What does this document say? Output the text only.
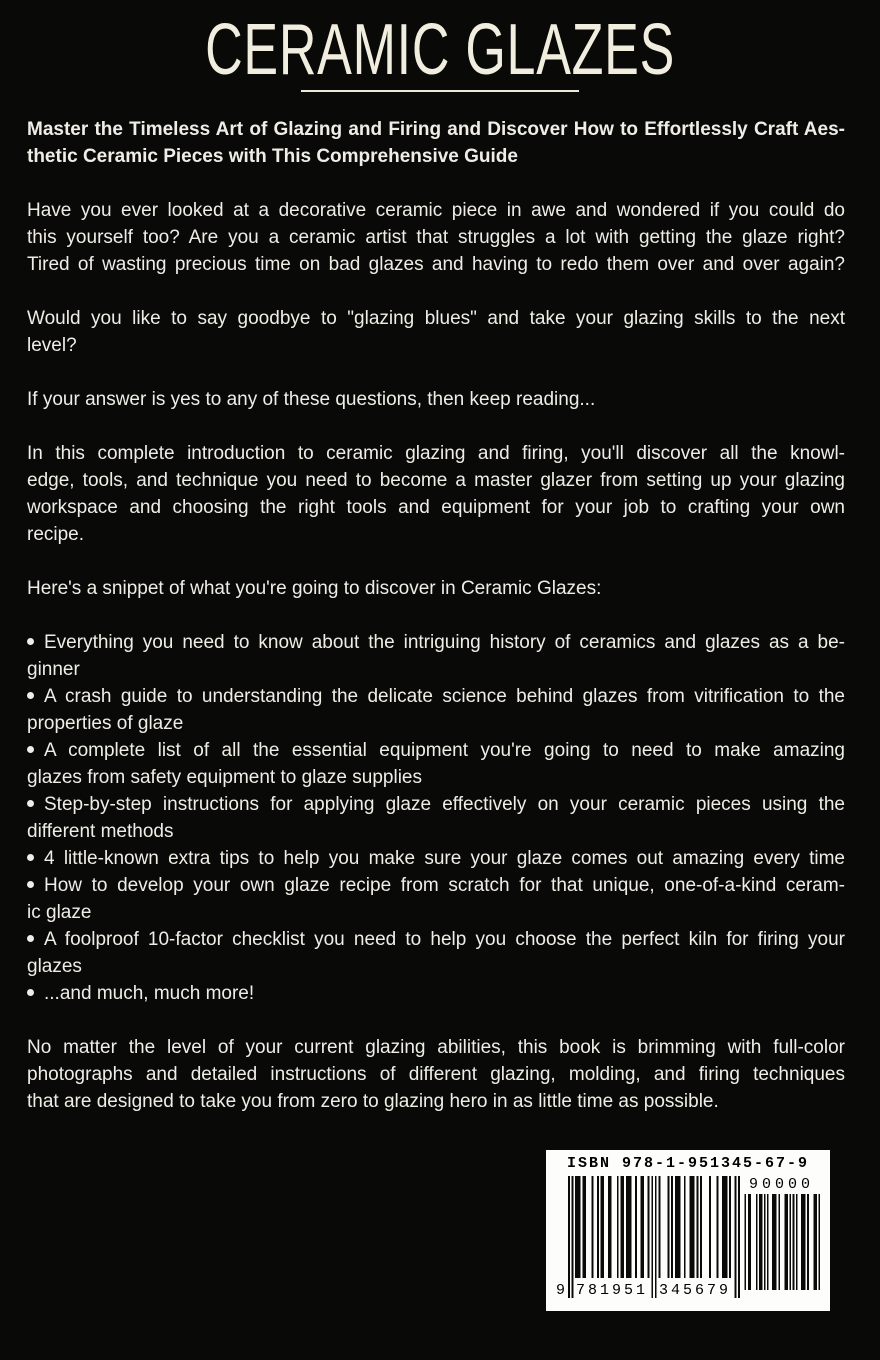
CERAMIC GLAZES
Master the Timeless Art of Glazing and Firing and Discover How to Effortlessly Craft Aes-
thetic Ceramic Pieces with This Comprehensive Guide
Have you ever looked at a decorative ceramic piece in awe and wondered if you could do
this yourself too? Are you a ceramic artist that struggles a lot with getting the glaze right?
Tired of wasting precious time on bad glazes and having to redo them over and over again?
Would you like to say goodbye to "glazing blues" and take your glazing skills to the next
level?
If your answer is yes to any of these questions, then keep reading...
In this complete introduction to ceramic glazing and firing, you'll discover all the knowl-
edge, tools, and technique you need to become a master glazer from setting up your glazing
workspace and choosing the right tools and equipment for your job to crafting your own
recipe.
Here's a snippet of what you're going to discover in Ceramic Glazes:
Everything you need to know about the intriguing history of ceramics and glazes as a be-
ginner
A crash guide to understanding the delicate science behind glazes from vitrification to the
properties of glaze
A complete list of all the essential equipment you're going to need to make amazing
glazes from safety equipment to glaze supplies
Step-by-step instructions for applying glaze effectively on your ceramic pieces using the
different methods
4 little-known extra tips to help you make sure your glaze comes out amazing every time
How to develop your own glaze recipe from scratch for that unique, one-of-a-kind ceram-
ic glaze
A foolproof 10-factor checklist you need to help you choose the perfect kiln for firing your
glazes
...and much, much more!
No matter the level of your current glazing abilities, this book is brimming with full-color
photographs and detailed instructions of different glazing, molding, and firing techniques
that are designed to take you from zero to glazing hero in as little time as possible.
ISBN 978-1-951345-67-9
9 781951 345679
90000
